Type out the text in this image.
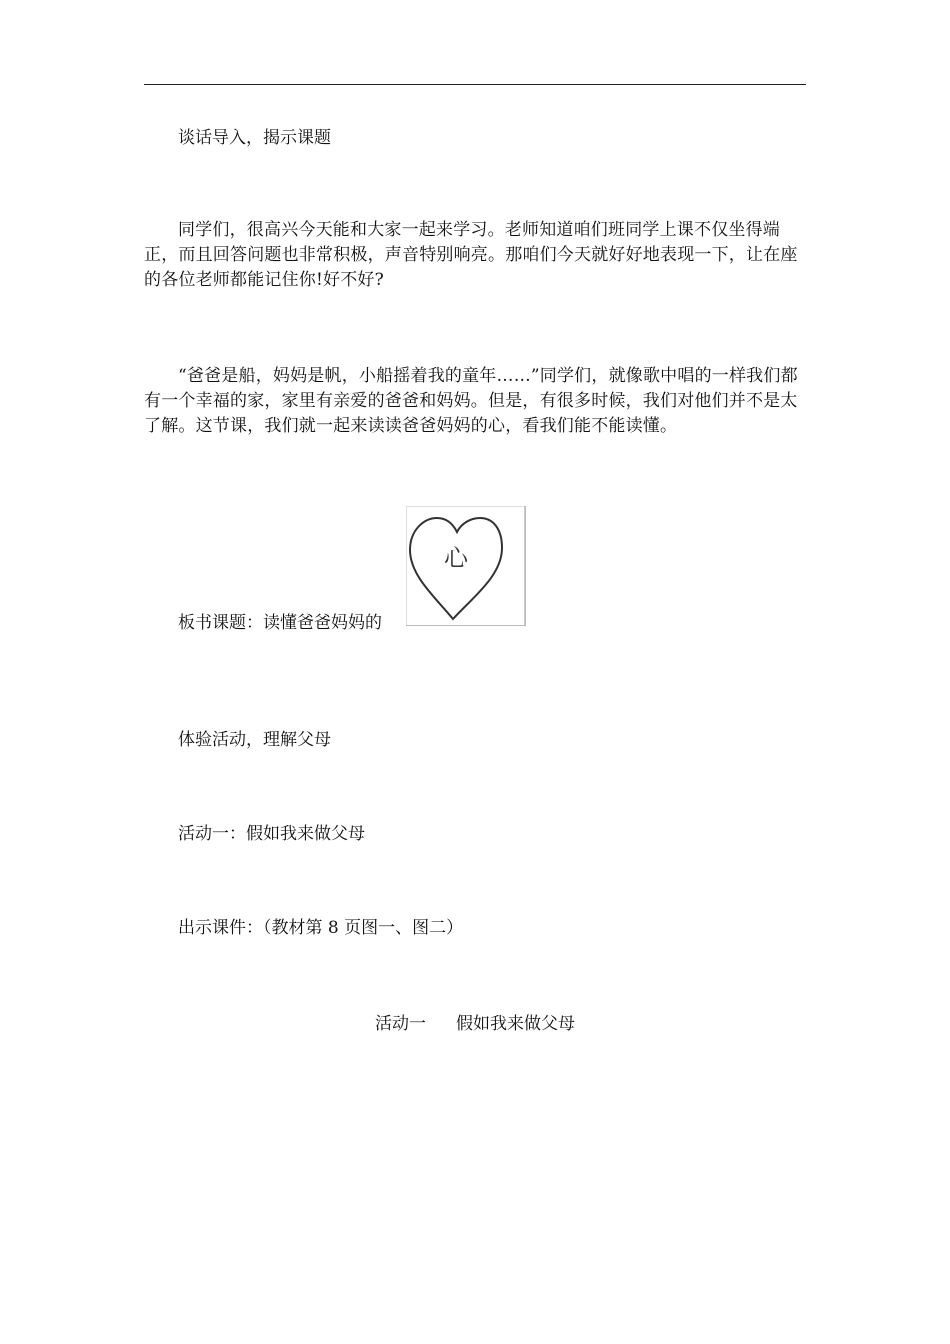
谈话导入，揭示课题
同学们，很高兴今天能和大家一起来学习。老师知道咱们班同学上课不仅坐得端正，而且回答问题也非常积极，声音特别响亮。那咱们今天就好好地表现一下，让在座的各位老师都能记住你!好不好?
“爸爸是船，妈妈是帆，小船摇着我的童年……”同学们，就像歌中唱的一样我们都有一个幸福的家，家里有亲爱的爸爸和妈妈。但是，有很多时候，我们对他们并不是太了解。这节课，我们就一起来读读爸爸妈妈的心，看我们能不能读懂。
板书课题：读懂爸爸妈妈的
心
体验活动，理解父母
活动一：假如我来做父母
出示课件：（教材第 8 页图一、图二）
活动一 假如我来做父母
